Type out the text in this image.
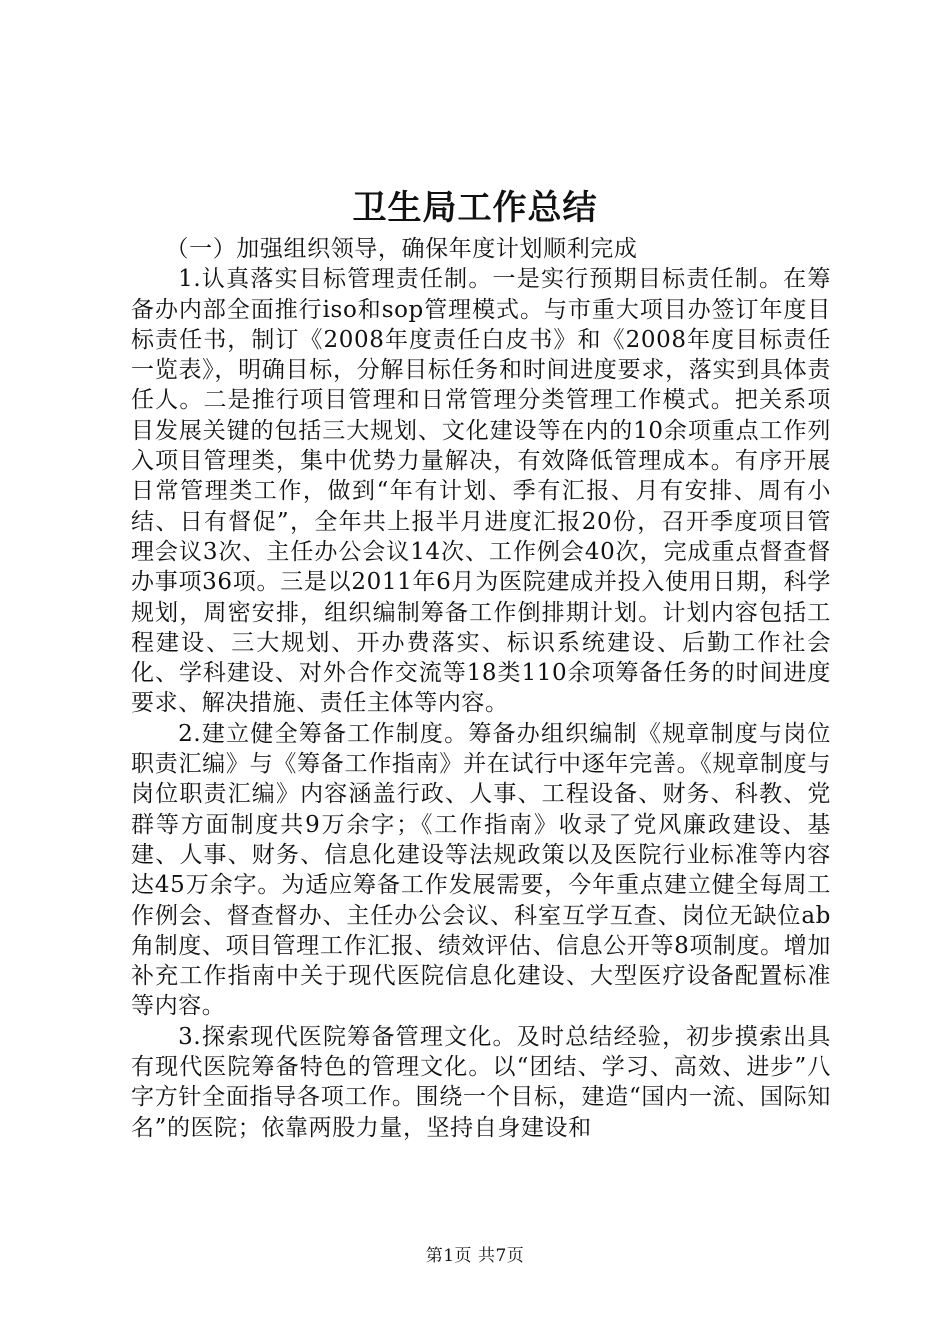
卫生局工作总结

（一）加强组织领导，确保年度计划顺利完成

1.认真落实目标管理责任制。一是实行预期目标责任制。在筹备办内部全面推行iso和sop管理模式。与市重大项目办签订年度目标责任书，制订《2008年度责任白皮书》和《2008年度目标责任一览表》，明确目标，分解目标任务和时间进度要求，落实到具体责任人。二是推行项目管理和日常管理分类管理工作模式。把关系项目发展关键的包括三大规划、文化建设等在内的10余项重点工作列入项目管理类，集中优势力量解决，有效降低管理成本。有序开展日常管理类工作，做到“年有计划、季有汇报、月有安排、周有小结、日有督促”，全年共上报半月进度汇报20份，召开季度项目管理会议3次、主任办公会议14次、工作例会40次，完成重点督查督办事项36项。三是以2011年6月为医院建成并投入使用日期，科学规划，周密安排，组织编制筹备工作倒排期计划。计划内容包括工程建设、三大规划、开办费落实、标识系统建设、后勤工作社会化、学科建设、对外合作交流等18类110余项筹备任务的时间进度要求、解决措施、责任主体等内容。

2.建立健全筹备工作制度。筹备办组织编制《规章制度与岗位职责汇编》与《筹备工作指南》并在试行中逐年完善。《规章制度与岗位职责汇编》内容涵盖行政、人事、工程设备、财务、科教、党群等方面制度共9万余字；《工作指南》收录了党风廉政建设、基建、人事、财务、信息化建设等法规政策以及医院行业标准等内容达45万余字。为适应筹备工作发展需要，今年重点建立健全每周工作例会、督查督办、主任办公会议、科室互学互查、岗位无缺位ab角制度、项目管理工作汇报、绩效评估、信息公开等8项制度。增加补充工作指南中关于现代医院信息化建设、大型医疗设备配置标准等内容。

3.探索现代医院筹备管理文化。及时总结经验，初步摸索出具有现代医院筹备特色的管理文化。以“团结、学习、高效、进步”八字方针全面指导各项工作。围绕一个目标，建造“国内一流、国际知名”的医院；依靠两股力量，坚持自身建设和

第1页 共7页
